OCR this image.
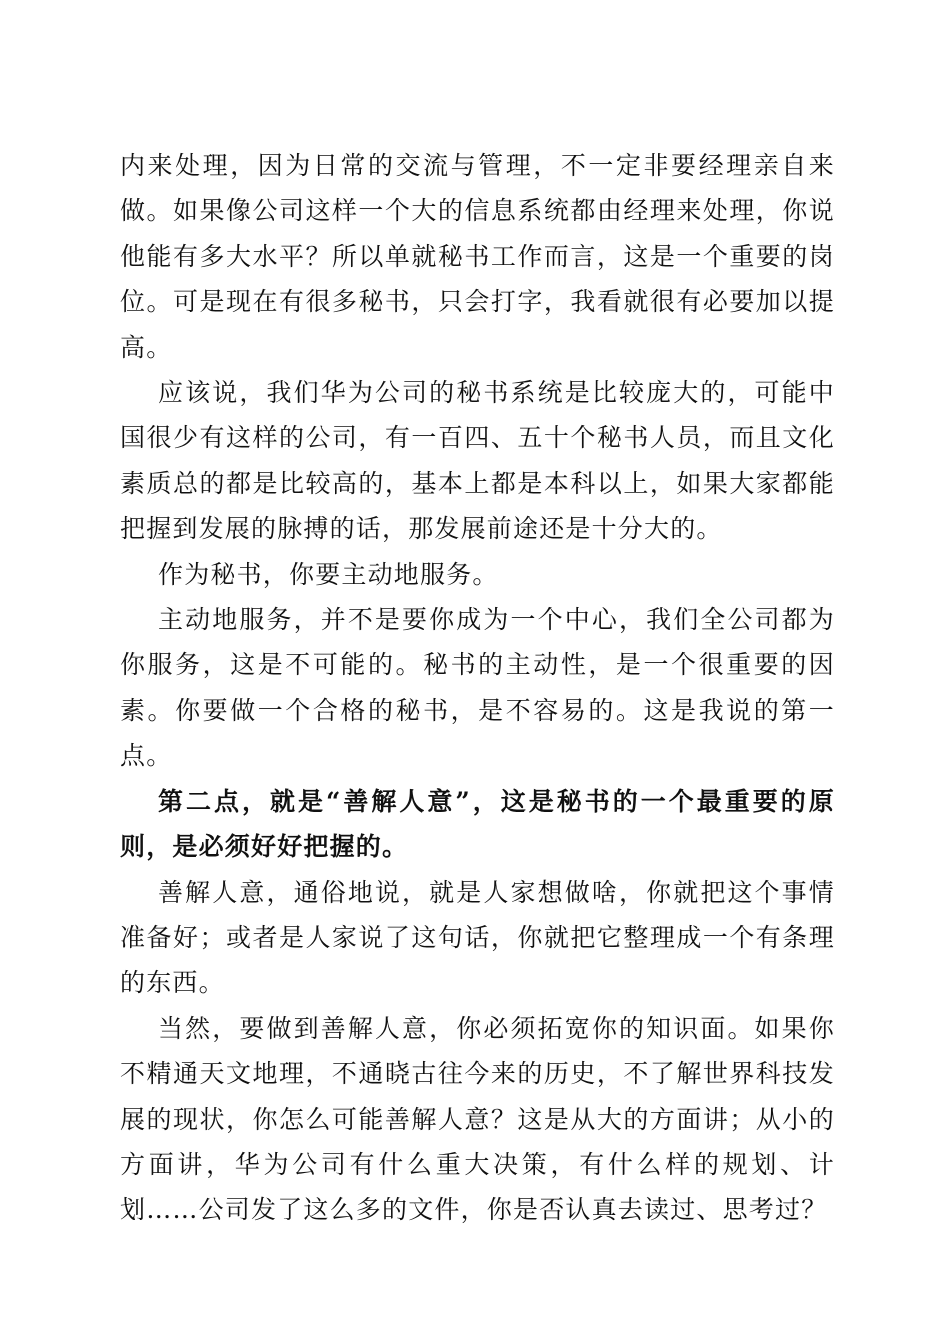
内来处理，因为日常的交流与管理，不一定非要经理亲自来做。如果像公司这样一个大的信息系统都由经理来处理，你说他能有多大水平？所以单就秘书工作而言，这是一个重要的岗位。可是现在有很多秘书，只会打字，我看就很有必要加以提高。

应该说，我们华为公司的秘书系统是比较庞大的，可能中国很少有这样的公司，有一百四、五十个秘书人员，而且文化素质总的都是比较高的，基本上都是本科以上，如果大家都能把握到发展的脉搏的话，那发展前途还是十分大的。

作为秘书，你要主动地服务。

主动地服务，并不是要你成为一个中心，我们全公司都为你服务，这是不可能的。秘书的主动性，是一个很重要的因素。你要做一个合格的秘书，是不容易的。这是我说的第一点。

第二点，就是“善解人意”，这是秘书的一个最重要的原则，是必须好好把握的。

善解人意，通俗地说，就是人家想做啥，你就把这个事情准备好；或者是人家说了这句话，你就把它整理成一个有条理的东西。

当然，要做到善解人意，你必须拓宽你的知识面。如果你不精通天文地理，不通晓古往今来的历史，不了解世界科技发展的现状，你怎么可能善解人意？这是从大的方面讲；从小的方面讲，华为公司有什么重大决策，有什么样的规划、计划……公司发了这么多的文件，你是否认真去读过、思考过？
